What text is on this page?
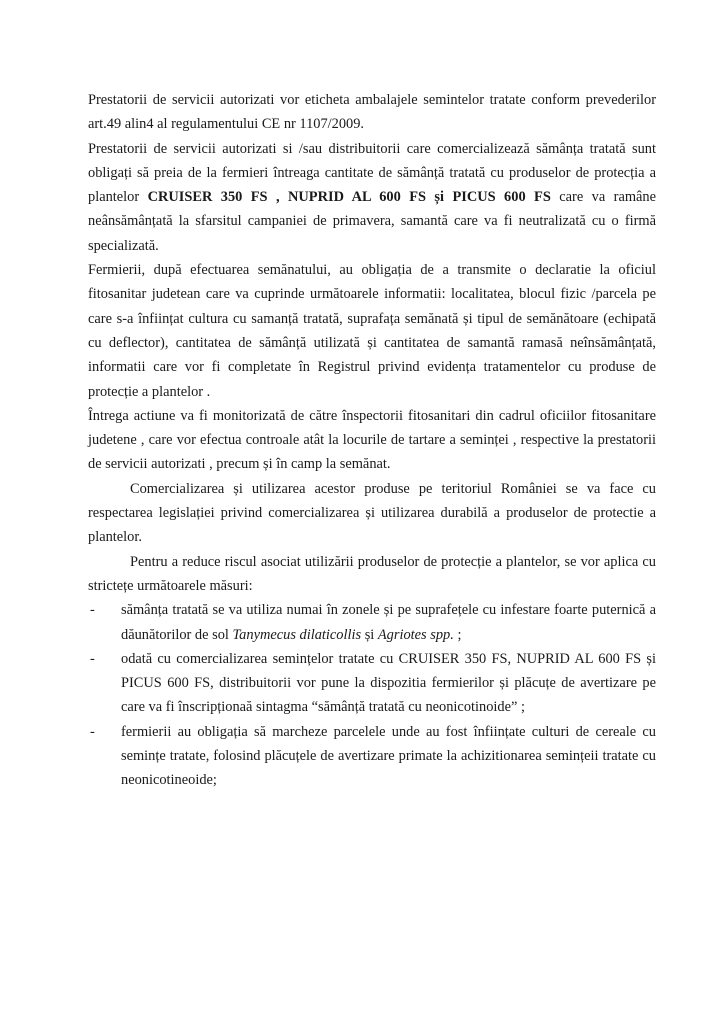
Prestatorii de servicii autorizati vor eticheta ambalajele semintelor tratate conform prevederilor art.49 alin4 al regulamentului CE nr 1107/2009.

Prestatorii de servicii autorizati si /sau distribuitorii care comercializează sămânța tratată sunt obligați să preia de la fermieri întreaga cantitate de sămânță tratată cu produselor de protecția a plantelor CRUISER 350 FS , NUPRID AL 600 FS și PICUS 600 FS care va ramâne neânsămânțată la sfarsitul campaniei de primavera, samantă care va fi neutralizată cu o firmă specializată.

Fermierii, după efectuarea semănatului, au obligația de a transmite o declaratie la oficiul fitosanitar judetean care va cuprinde următoarele informatii: localitatea, blocul fizic /parcela pe care s-a înființat cultura cu samanță tratată, suprafața semănată și tipul de semănătoare (echipată cu deflector), cantitatea de sămânță utilizată și cantitatea de samantă ramasă neînsămânțată, informatii care vor fi completate în Registrul privind evidența tratamentelor cu produse de protecție a plantelor .

Întrega actiune va fi monitorizată de către înspectorii fitosanitari din cadrul oficiilor fitosanitare judetene , care vor efectua controale atât la locurile de tartare a seminței , respective la prestatorii de servicii autorizati , precum și în camp la semănat.

Comercializarea și utilizarea acestor produse pe teritoriul României se va face cu respectarea legislației privind comercializarea și utilizarea durabilă a produselor de protectie a plantelor.

Pentru a reduce riscul asociat utilizării produselor de protecție a plantelor, se vor aplica cu strictețe următoarele măsuri:

- sămânța tratată se va utiliza numai în zonele și pe suprafețele cu infestare foarte puternică a dăunătorilor de sol Tanymecus dilaticollis și Agriotes spp. ;
- odată cu comercializarea semințelor tratate cu CRUISER 350 FS, NUPRID AL 600 FS și PICUS 600 FS, distribuitorii vor pune la dispozitia fermierilor și plăcuțe de avertizare pe care va fi înscripționaă sintagma “sămânță tratată cu neonicotinoide” ;
- fermierii au obligația să marcheze parcelele unde au fost înființate culturi de cereale cu semințe tratate, folosind plăcuțele de avertizare primate la achizitionarea semințeii tratate cu neonicotineoide;
